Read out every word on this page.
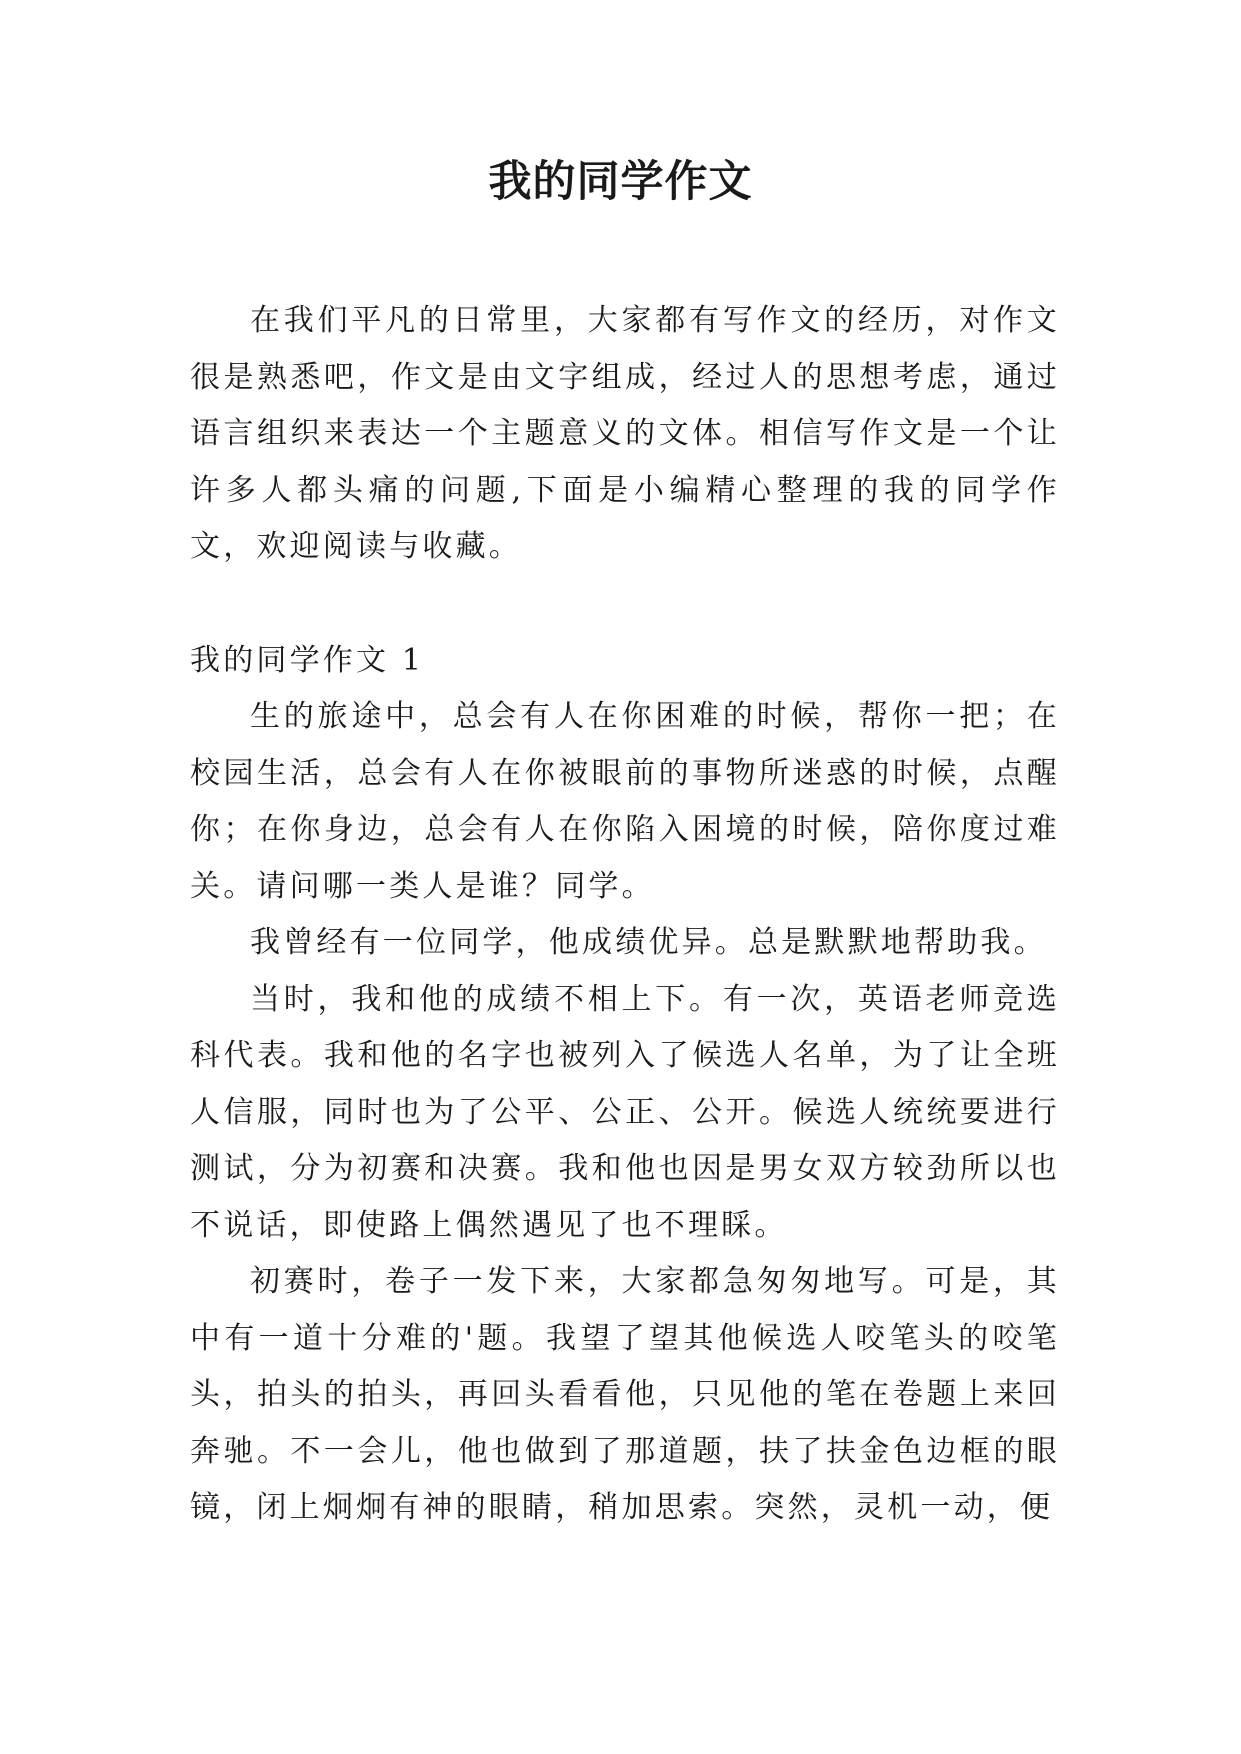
我的同学作文

在我们平凡的日常里，大家都有写作文的经历，对作文很是熟悉吧，作文是由文字组成，经过人的思想考虑，通过语言组织来表达一个主题意义的文体。相信写作文是一个让许多人都头痛的问题,下面是小编精心整理的我的同学作文，欢迎阅读与收藏。

我的同学作文 1

生的旅途中，总会有人在你困难的时候，帮你一把；在校园生活，总会有人在你被眼前的事物所迷惑的时候，点醒你；在你身边，总会有人在你陷入困境的时候，陪你度过难关。请问哪一类人是谁？同学。

我曾经有一位同学，他成绩优异。总是默默地帮助我。

当时，我和他的成绩不相上下。有一次，英语老师竞选科代表。我和他的名字也被列入了候选人名单，为了让全班人信服，同时也为了公平、公正、公开。候选人统统要进行测试，分为初赛和决赛。我和他也因是男女双方较劲所以也不说话，即使路上偶然遇见了也不理睬。

初赛时，卷子一发下来，大家都急匆匆地写。可是，其中有一道十分难的'题。我望了望其他候选人咬笔头的咬笔头，拍头的拍头，再回头看看他，只见他的笔在卷题上来回奔驰。不一会儿，他也做到了那道题，扶了扶金色边框的眼镜，闭上炯炯有神的眼睛，稍加思索。突然，灵机一动，便
